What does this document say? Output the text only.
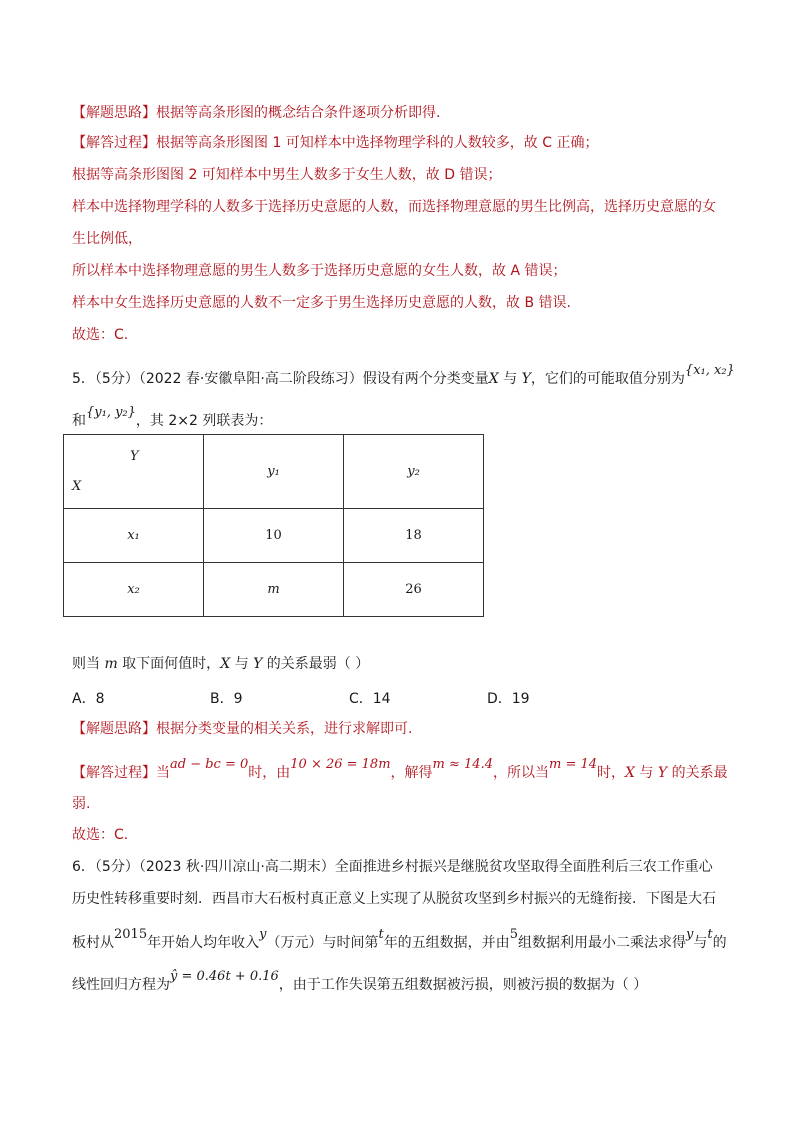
【解题思路】根据等高条形图的概念结合条件逐项分析即得.
【解答过程】根据等高条形图图 1 可知样本中选择物理学科的人数较多，故 C 正确；
根据等高条形图图 2 可知样本中男生人数多于女生人数，故 D 错误；
样本中选择物理学科的人数多于选择历史意愿的人数，而选择物理意愿的男生比例高，选择历史意愿的女
生比例低，
所以样本中选择物理意愿的男生人数多于选择历史意愿的女生人数，故 A 错误；
样本中女生选择历史意愿的人数不一定多于男生选择历史意愿的人数，故 B 错误.
故选：C.
5．（5分）（2022 春·安徽阜阳·高二阶段练习）假设有两个分类变量X 与 Y，它们的可能取值分别为{x₁, x₂}
和{y₁, y₂}，其 2×2 列联表为：
Y
X	y₁	y₂
x₁	10	18
x₂	m	26
则当 m 取下面何值时，X 与 Y 的关系最弱（ ）
A．8	B．9	C．14	D．19
【解题思路】根据分类变量的相关关系，进行求解即可.
【解答过程】当ad − bc = 0时，由10 × 26 = 18m，解得m ≈ 14.4，所以当m = 14时，X 与 Y 的关系最
弱.
故选：C.
6．（5分）（2023 秋·四川凉山·高二期末）全面推进乡村振兴是继脱贫攻坚取得全面胜利后三农工作重心
历史性转移重要时刻．西昌市大石板村真正意义上实现了从脱贫攻坚到乡村振兴的无缝衔接．下图是大石
板村从2015年开始人均年收入y（万元）与时间第t年的五组数据，并由5组数据利用最小二乘法求得y与t的
线性回归方程为ŷ = 0.46t + 0.16，由于工作失误第五组数据被污损，则被污损的数据为（ ）
